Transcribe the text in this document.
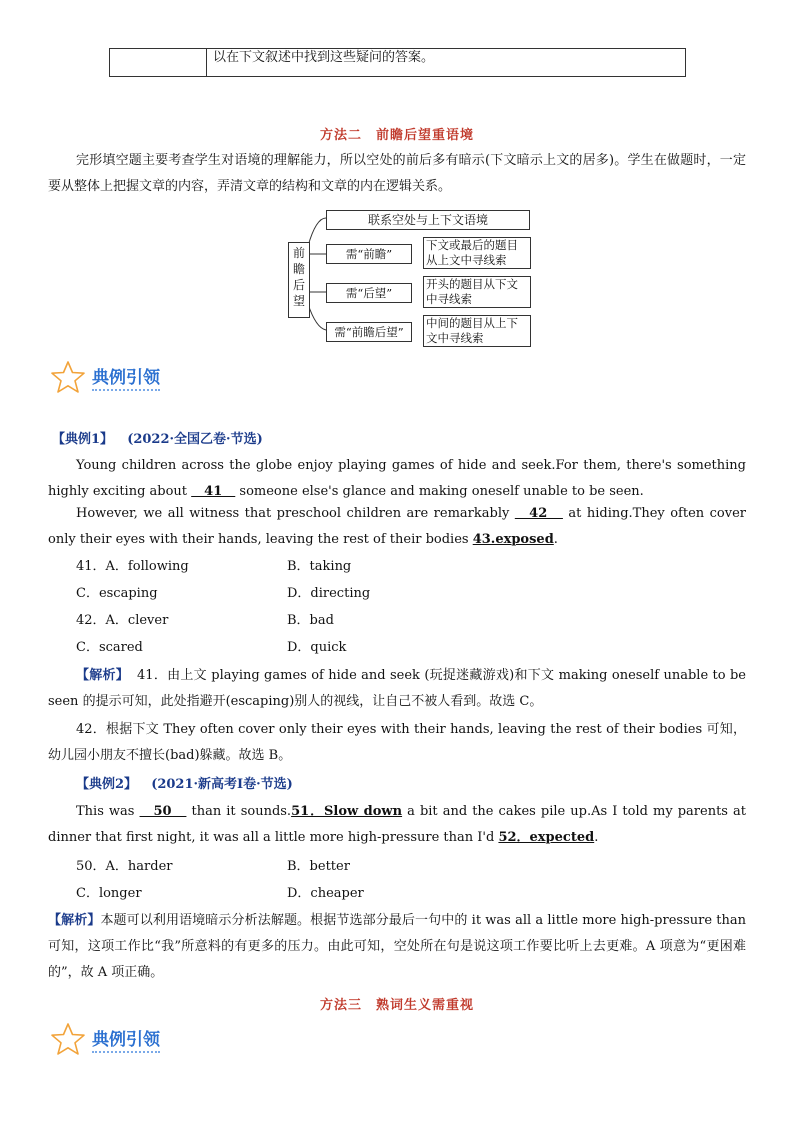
以在下文叙述中找到这些疑问的答案。
方法二　前瞻后望重语境
完形填空题主要考查学生对语境的理解能力，所以空处的前后多有暗示(下文暗示上文的居多)。学生在做题时，一定要从整体上把握文章的内容，弄清文章的结构和文章的内在逻辑关系。
前瞻后望
联系空处与上下文语境
需“前瞻”
下文或最后的题目从上文中寻线索
需“后望”
开头的题目从下文中寻线索
需“前瞻后望”
中间的题目从上下文中寻线索
典例引领
【典例1】 (2022·全国乙卷·节选)
Young children across the globe enjoy playing games of hide and seek.For them, there's something highly exciting about 　41　 someone else's glance and making oneself unable to be seen.
However, we all witness that preschool children are remarkably 　42　 at hiding.They often cover only their eyes with their hands, leaving the rest of their bodies 43.exposed.
41．A．following	B．taking
C．escaping	D．directing
42．A．clever	B．bad
C．scared	D．quick
【解析】 41．由上文 playing games of hide and seek (玩捉迷藏游戏)和下文 making oneself unable to be seen 的提示可知，此处指避开(escaping)别人的视线，让自己不被人看到。故选 C。
42．根据下文 They often cover only their eyes with their hands, leaving the rest of their bodies 可知，幼儿园小朋友不擅长(bad)躲藏。故选 B。
【典例2】 (2021·新高考Ⅰ卷·节选)
This was 　50　 than it sounds.51．Slow down a bit and the cakes pile up.As I told my parents at dinner that first night, it was all a little more high-pressure than I'd 52．expected.
50．A．harder	B．better
C．longer	D．cheaper
【解析】本题可以利用语境暗示分析法解题。根据节选部分最后一句中的 it was all a little more high-pressure than 可知，这项工作比“我”所意料的有更多的压力。由此可知，空处所在句是说这项工作要比听上去更难。A 项意为“更困难的”，故 A 项正确。
方法三　熟词生义需重视
典例引领
